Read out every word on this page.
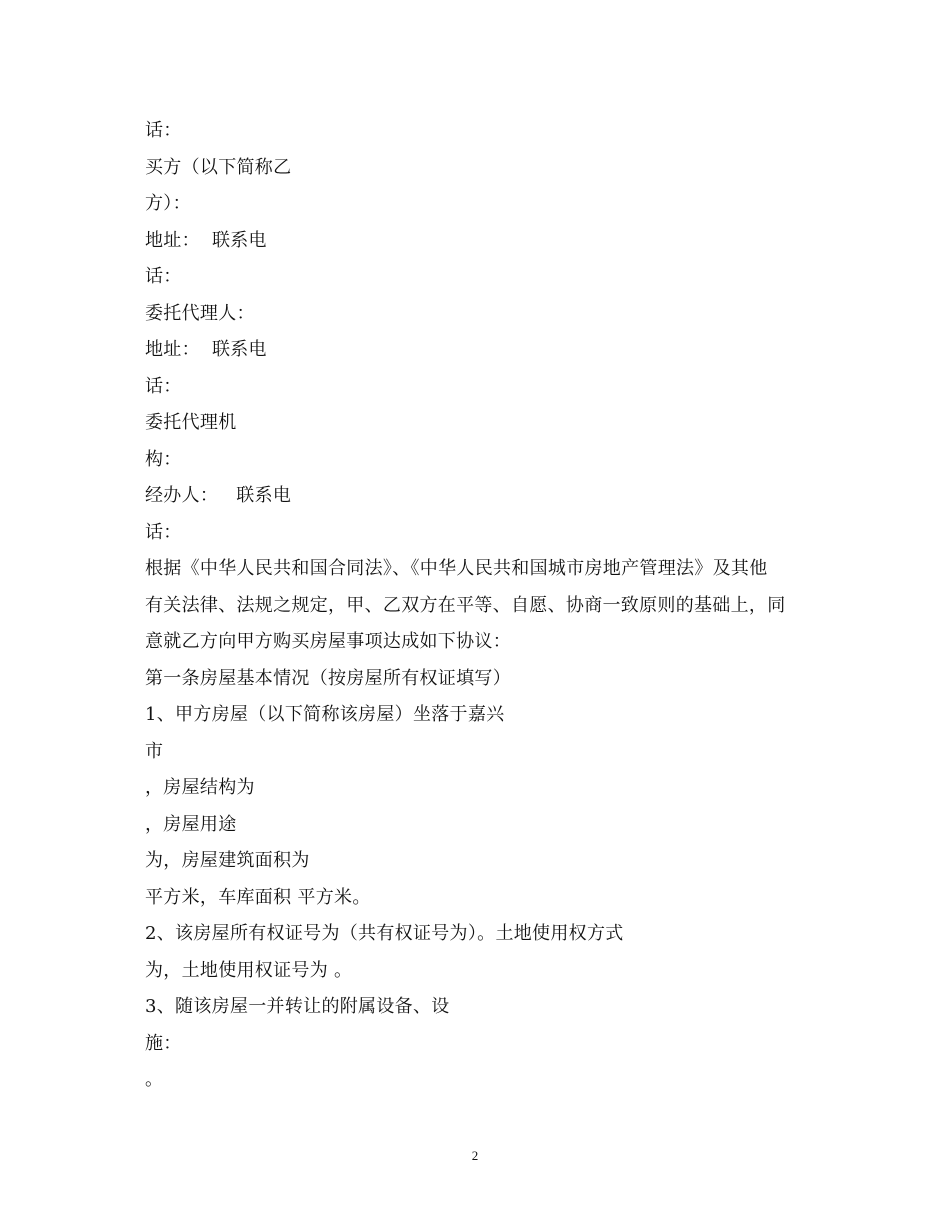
话：
买方（以下简称乙
方）：
地址：  联系电
话：
委托代理人：
地址：  联系电
话：
委托代理机
构：
经办人：   联系电
话：
根据《中华人民共和国合同法》、《中华人民共和国城市房地产管理法》及其他
有关法律、法规之规定，甲、乙双方在平等、自愿、协商一致原则的基础上，同
意就乙方向甲方购买房屋事项达成如下协议：
第一条房屋基本情况（按房屋所有权证填写）
1、甲方房屋（以下简称该房屋）坐落于嘉兴
市
，房屋结构为
，房屋用途
为，房屋建筑面积为
平方米，车库面积 平方米。
2、该房屋所有权证号为（共有权证号为）。土地使用权方式
为，土地使用权证号为 。
3、随该房屋一并转让的附属设备、设
施：
。
2
